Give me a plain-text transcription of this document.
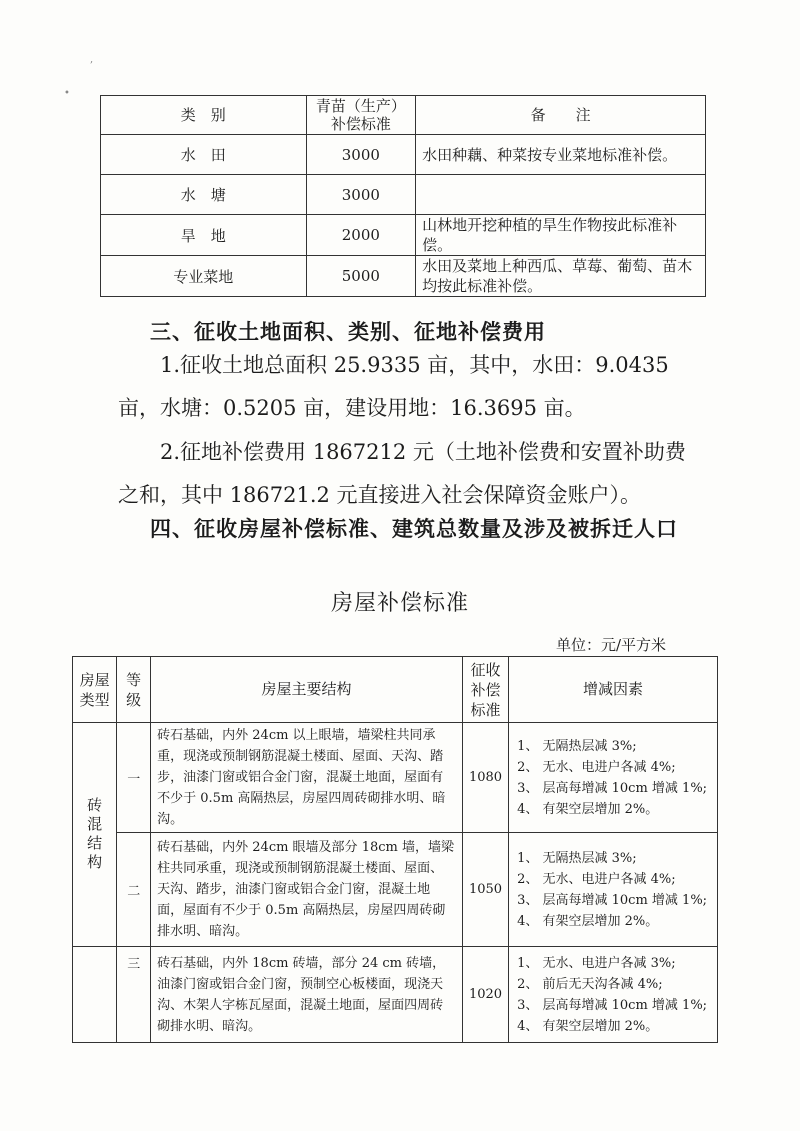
,
•
类　别	青苗（生产）补偿标准	备　　注
水　田	3000	水田种藕、种菜按专业菜地标准补偿。
水　塘	3000	
旱　地	2000	山林地开挖种植的旱生作物按此标准补偿。
专业菜地	5000	水田及菜地上种西瓜、草莓、葡萄、苗木均按此标准补偿。
三、征收土地面积、类别、征地补偿费用
1.征收土地总面积 25.9335 亩，其中，水田：9.0435 亩，水塘：0.5205 亩，建设用地：16.3695 亩。
2.征地补偿费用 1867212 元（土地补偿费和安置补助费之和，其中 186721.2 元直接进入社会保障资金账户）。
四、征收房屋补偿标准、建筑总数量及涉及被拆迁人口
房屋补偿标准
单位：元/平方米
房屋类型	等级	房屋主要结构	征收补偿标准	增减因素

砖混结构	一	砖石基础，内外 24cm 以上眼墙，墙梁柱共同承重，现浇或预制钢筋混凝土楼面、屋面、天沟、踏步，油漆门窗或铝合金门窗，混凝土地面，屋面有不少于 0.5m 高隔热层，房屋四周砖砌排水明、暗沟。	1080	1、 无隔热层减 3%;
2、 无水、电进户各减 4%;
3、 层高每增减 10cm 增减 1%;
4、 有架空层增加 2%。

	二	砖石基础，内外 24cm 眼墙及部分 18cm 墙，墙梁柱共同承重，现浇或预制钢筋混凝土楼面、屋面、天沟、踏步，油漆门窗或铝合金门窗，混凝土地面，屋面有不少于 0.5m 高隔热层，房屋四周砖砌排水明、暗沟。	1050	1、 无隔热层减 3%;
2、 无水、电进户各减 4%;
3、 层高每增减 10cm 增减 1%;
4、 有架空层增加 2%。

	三	砖石基础，内外 18cm 砖墙，部分 24 cm 砖墙，油漆门窗或铝合金门窗，预制空心板楼面，现浇天沟、木架人字栋瓦屋面，混凝土地面，屋面四周砖砌排水明、暗沟。	1020	1、 无水、电进户各减 3%;
2、 前后无天沟各减 4%;
3、 层高每增减 10cm 增减 1%;
4、 有架空层增加 2%。
